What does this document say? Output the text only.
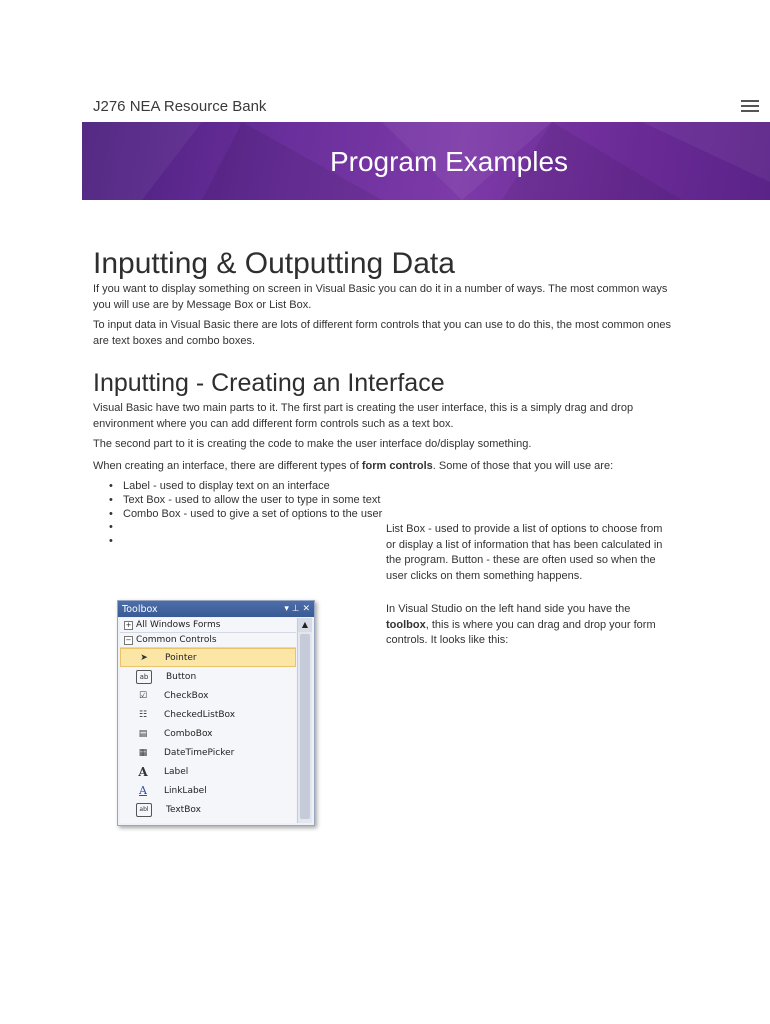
J276 NEA Resource Bank
Program Examples
Inputting & Outputting Data

If you want to display something on screen in Visual Basic you can do it in a number of ways. The most common ways you will use are by Message Box or List Box.

To input data in Visual Basic there are lots of different form controls that you can use to do this, the most common ones are text boxes and combo boxes.

Inputting - Creating an Interface

Visual Basic have two main parts to it. The first part is creating the user interface, this is a simply drag and drop environment where you can add different form controls such as a text box.

The second part to it is creating the code to make the user interface do/display something.

When creating an interface, there are different types of form controls. Some of those that you will use are:

• Label - used to display text on an interface
• Text Box - used to allow the user to type in some text
• Combo Box - used to give a set of options to the user
•
•

List Box - used to provide a list of options to choose from or display a list of information that has been calculated in the program. Button - these are often used so when the user clicks on them something happens.

In Visual Studio on the left hand side you have the toolbox, this is where you can drag and drop your form controls. It looks like this:

Toolbox	▾ ⊥ ✕
+ All Windows Forms
− Common Controls
➤	Pointer
ab	Button
☑	CheckBox
☷	CheckedListBox
▤	ComboBox
▦	DateTimePicker
A Label
A	LinkLabel
abl	TextBox
▲
